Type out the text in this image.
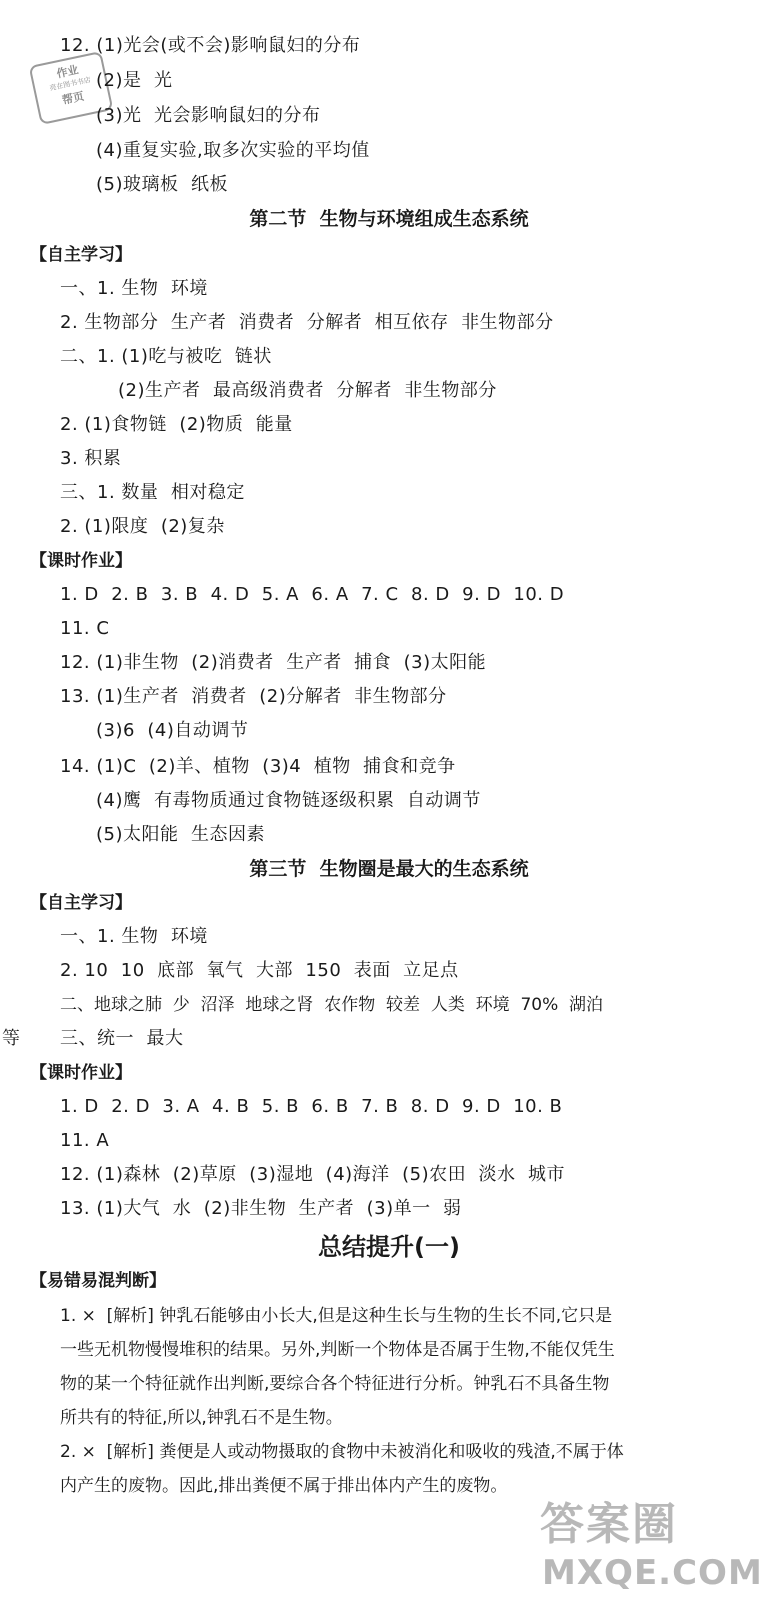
作业
亮在图书书店
帮页
12. (1)光会(或不会)影响鼠妇的分布
(2)是  光
(3)光  光会影响鼠妇的分布
(4)重复实验,取多次实验的平均值
(5)玻璃板  纸板
第二节  生物与环境组成生态系统
【自主学习】
一、1. 生物  环境
2. 生物部分  生产者  消费者  分解者  相互依存  非生物部分
二、1. (1)吃与被吃  链状
(2)生产者  最高级消费者  分解者  非生物部分
2. (1)食物链  (2)物质  能量
3. 积累
三、1. 数量  相对稳定
2. (1)限度  (2)复杂
【课时作业】
1. D  2. B  3. B  4. D  5. A  6. A  7. C  8. D  9. D  10. D
11. C
12. (1)非生物  (2)消费者  生产者  捕食  (3)太阳能
13. (1)生产者  消费者  (2)分解者  非生物部分
(3)6  (4)自动调节
14. (1)C  (2)羊、植物  (3)4  植物  捕食和竞争
(4)鹰  有毒物质通过食物链逐级积累  自动调节
(5)太阳能  生态因素
第三节  生物圈是最大的生态系统
【自主学习】
一、1. 生物  环境
2. 10  10  底部  氧气  大部  150  表面  立足点
二、地球之肺  少  沼泽  地球之肾  农作物  较差  人类  环境  70%  湖泊
三、统一  最大
等
【课时作业】
1. D  2. D  3. A  4. B  5. B  6. B  7. B  8. D  9. D  10. B
11. A
12. (1)森林  (2)草原  (3)湿地  (4)海洋  (5)农田  淡水  城市
13. (1)大气  水  (2)非生物  生产者  (3)单一  弱
总结提升(一)
【易错易混判断】
1. ×  [解析] 钟乳石能够由小长大,但是这种生长与生物的生长不同,它只是
一些无机物慢慢堆积的结果。另外,判断一个物体是否属于生物,不能仅凭生
物的某一个特征就作出判断,要综合各个特征进行分析。钟乳石不具备生物
所共有的特征,所以,钟乳石不是生物。
2. ×  [解析] 粪便是人或动物摄取的食物中未被消化和吸收的残渣,不属于体
内产生的废物。因此,排出粪便不属于排出体内产生的废物。
答案圈
MXQE.COM
